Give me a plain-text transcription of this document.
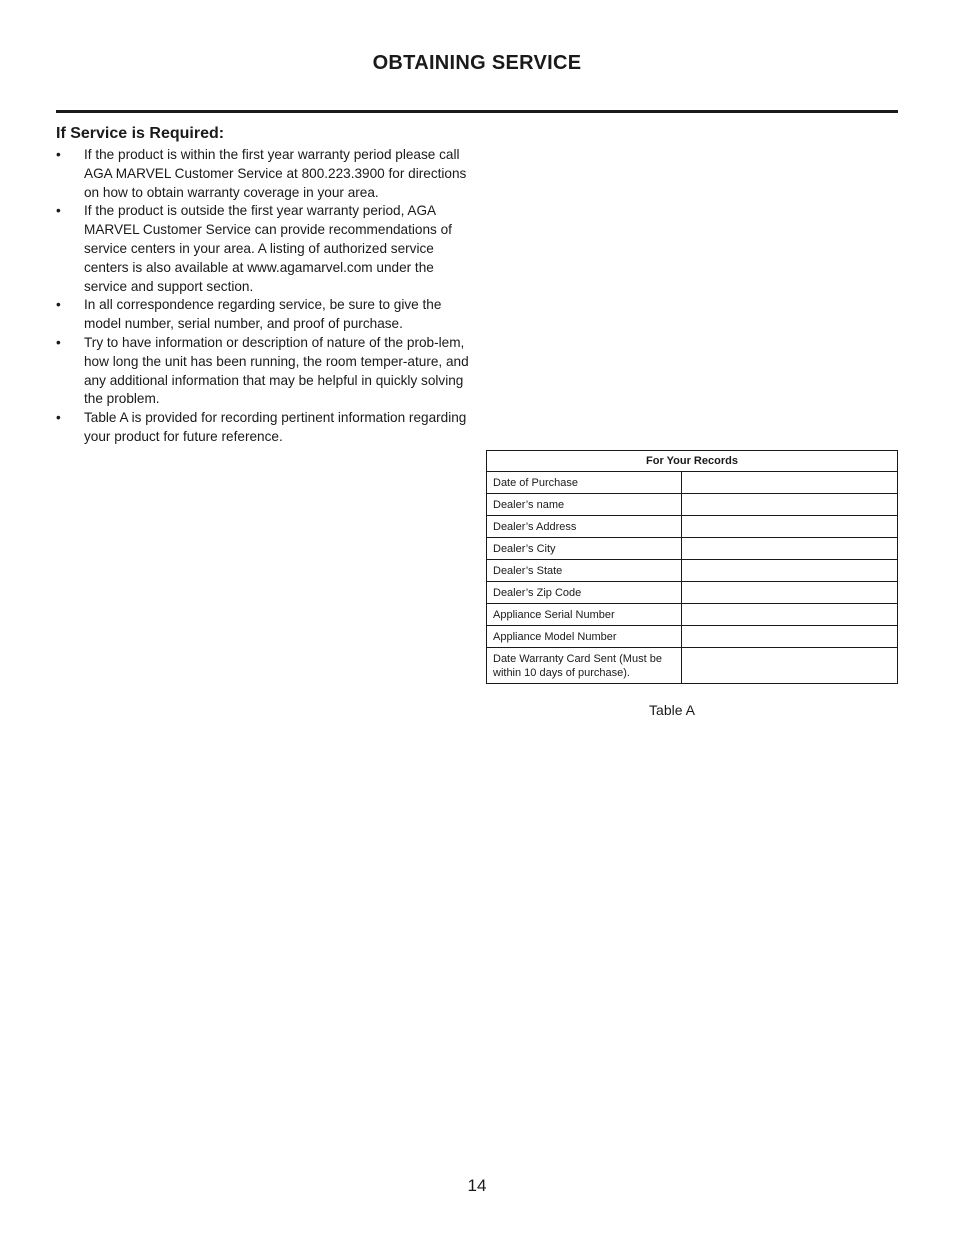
OBTAINING SERVICE
If Service is Required:
• If the product is within the first year warranty period please call AGA MARVEL Customer Service at 800.223.3900 for directions on how to obtain warranty coverage in your area.
• If the product is outside the first year warranty period, AGA MARVEL Customer Service can provide recommendations of service centers in your area. A listing of authorized service centers is also available at www.agamarvel.com under the service and support section.
• In all correspondence regarding service, be sure to give the model number, serial number, and proof of purchase.
• Try to have information or description of nature of the prob-lem, how long the unit has been running, the room temper-ature, and any additional information that may be helpful in quickly solving the problem.
• Table A is provided for recording pertinent information regarding your product for future reference.
For Your Records	
Date of Purchase	
Dealer’s name	
Dealer’s Address	
Dealer’s City	
Dealer’s State	
Dealer’s Zip Code	
Appliance Serial Number	
Appliance Model Number	
Date Warranty Card Sent (Must be within 10 days of purchase).	
Table A
14
